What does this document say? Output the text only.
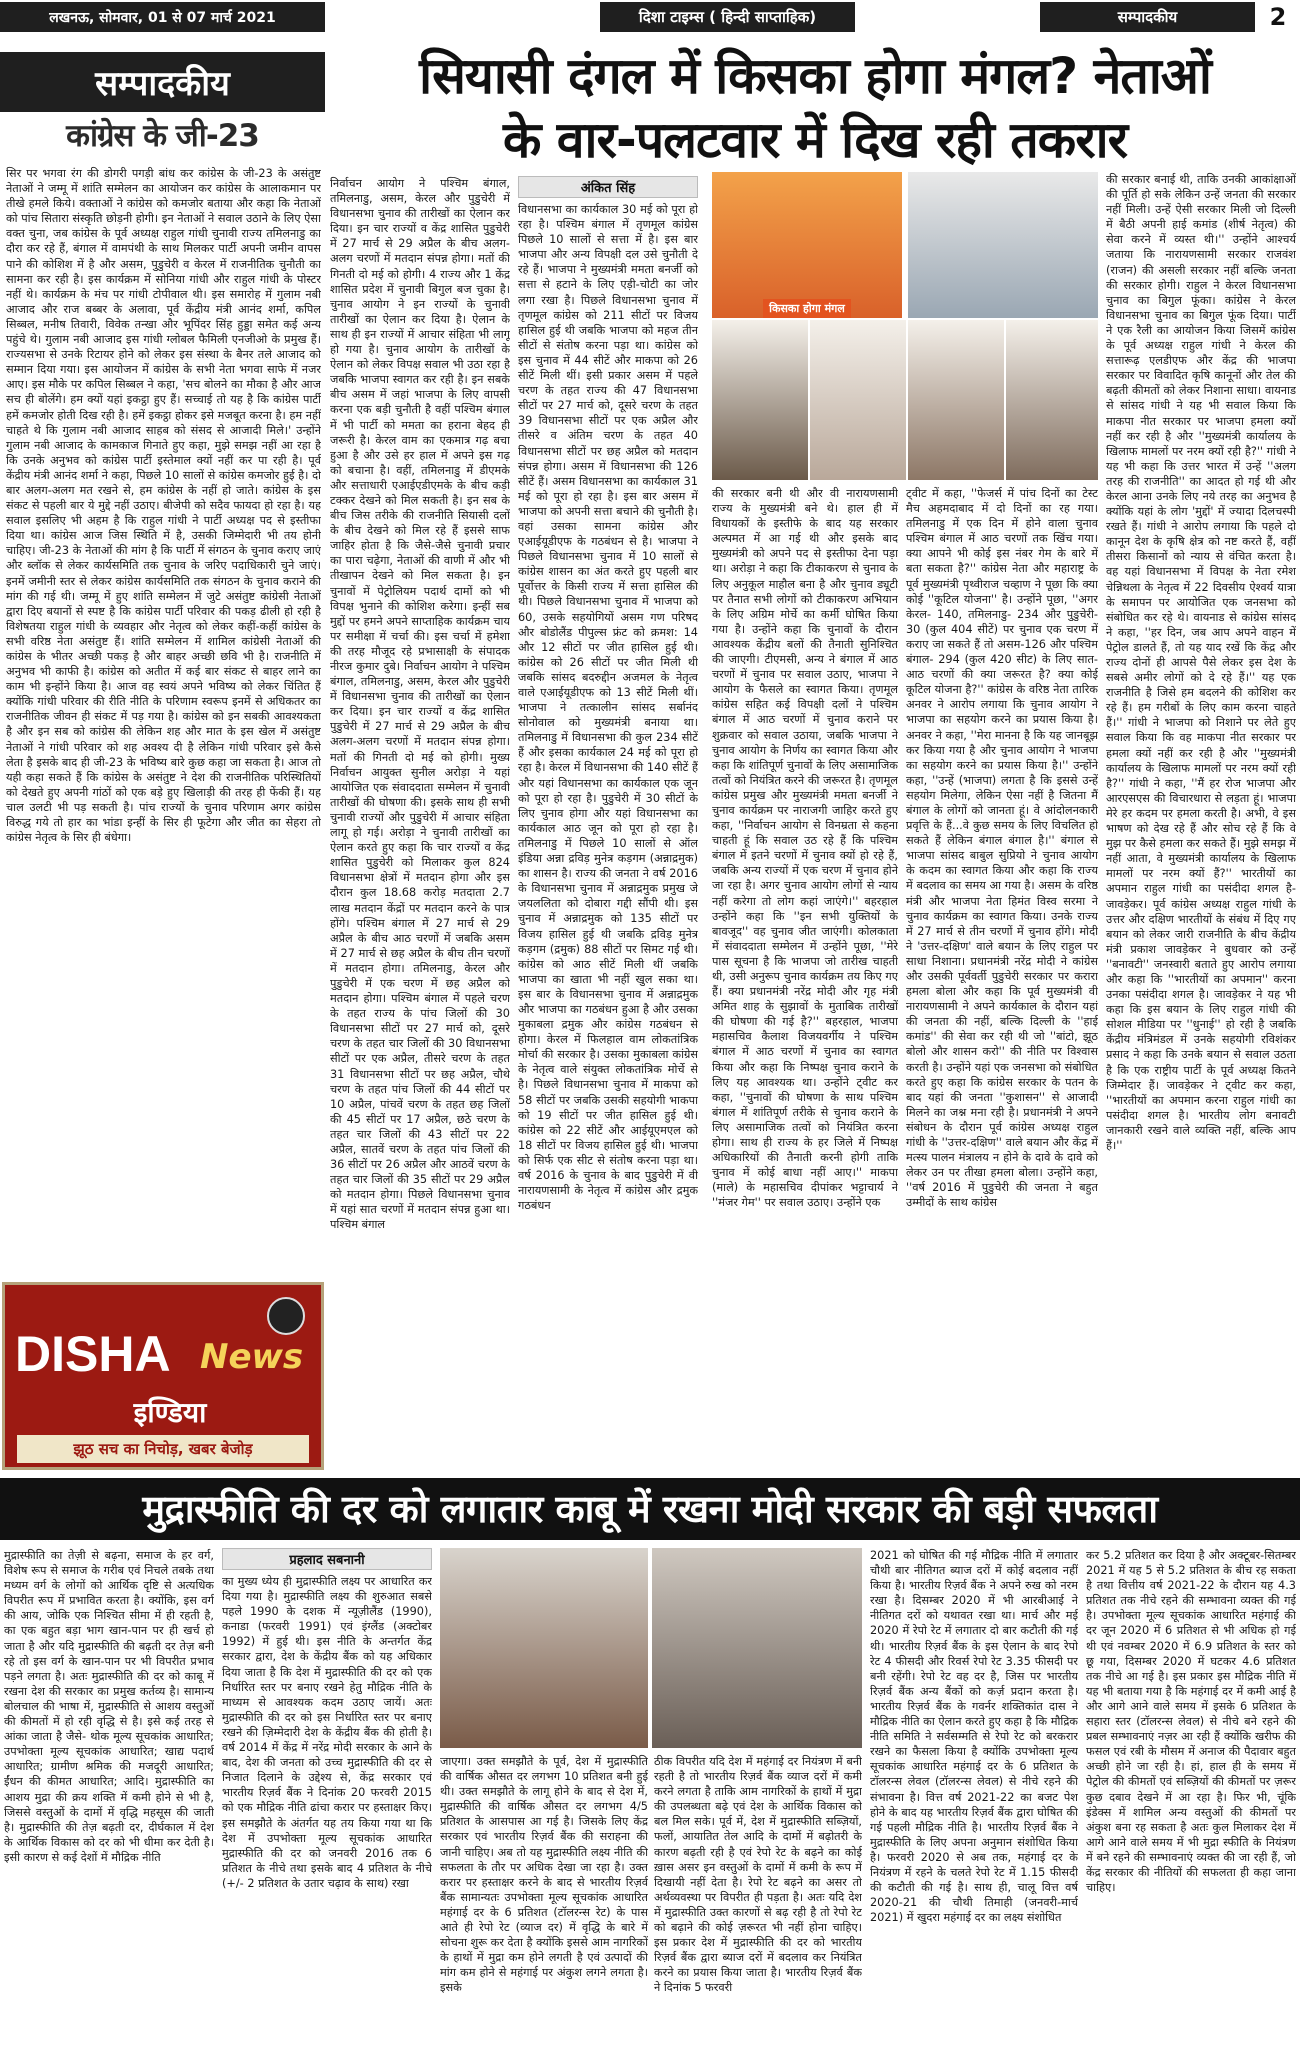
लखनऊ, सोमवार, 01 से 07 मार्च 2021	दिशा टाइम्स ( हिन्दी साप्ताहिक)	सम्पादकीय	2
सम्पादकीय
कांग्रेस के जी-23
सिर पर भगवा रंग की डोगरी पगड़ी बांध कर कांग्रेस के जी-23 के असंतुष्ट नेताओं ने जम्मू में शांति सम्मेलन का आयोजन कर कांग्रेस के आलाकमान पर तीखे हमले किये। वक्ताओं ने कांग्रेस को कमजोर बताया और कहा कि नेताओं को पांच सितारा संस्कृति छोड़नी होगी। इन नेताओं ने सवाल उठाने के लिए ऐसा वक्त चुना, जब कांग्रेस के पूर्व अध्यक्ष राहुल गांधी चुनावी राज्य तमिलनाडु का दौरा कर रहे हैं, बंगाल में वामपंथी के साथ मिलकर पार्टी अपनी जमीन वापस पाने की कोशिश में है और असम, पुडुचेरी व केरल में राजनीतिक चुनौती का सामना कर रही है। इस कार्यक्रम में सोनिया गांधी और राहुल गांधी के पोस्टर नहीं थे। कार्यक्रम के मंच पर गांधी टोपीवाल थी। इस समारोह में गुलाम नबी आजाद और राज बब्बर के अलावा, पूर्व केंद्रीय मंत्री आनंद शर्मा, कपिल सिब्बल, मनीष तिवारी, विवेक तन्खा और भूपिंदर सिंह हुड्डा समेत कई अन्य पहुंचे थे। गुलाम नबी आजाद इस गांधी ग्लोबल फैमिली एनजीओ के प्रमुख हैं। राज्यसभा से उनके रिटायर होने को लेकर इस संस्था के बैनर तले आजाद को सम्मान दिया गया। इस आयोजन में कांग्रेस के सभी नेता भगवा साफे में नजर आए। इस मौके पर कपिल सिब्बल ने कहा, 'सच बोलने का मौका है और आज सच ही बोलेंगे। हम क्यों यहां इकट्ठा हुए हैं। सच्चाई तो यह है कि कांग्रेस पार्टी हमें कमजोर होती दिख रही है। हमें इकट्ठा होकर इसे मजबूत करना है। हम नहीं चाहते थे कि गुलाम नबी आजाद साहब को संसद से आजादी मिले।' उन्होंने गुलाम नबी आजाद के कामकाज गिनाते हुए कहा, मुझे समझ नहीं आ रहा है कि उनके अनुभव को कांग्रेस पार्टी इस्तेमाल क्यों नहीं कर पा रही है। पूर्व केंद्रीय मंत्री आनंद शर्मा ने कहा, पिछले 10 सालों से कांग्रेस कमजोर हुई है। दो बार अलग-अलग मत रखने से, हम कांग्रेस के नहीं हो जाते। कांग्रेस के इस संकट से पहली बार ये मुद्दे नहीं उठाए। बीजेपी को सदैव फायदा हो रहा है। यह सवाल इसलिए भी अहम है कि राहुल गांधी ने पार्टी अध्यक्ष पद से इस्तीफा दिया था। कांग्रेस आज जिस स्थिति में है, उसकी जिम्मेदारी भी तय होनी चाहिए। जी-23 के नेताओं की मांग है कि पार्टी में संगठन के चुनाव कराए जाएं और ब्लॉक से लेकर कार्यसमिति तक चुनाव के जरिए पदाधिकारी चुने जाएं। इनमें जमीनी स्तर से लेकर कांग्रेस कार्यसमिति तक संगठन के चुनाव कराने की मांग की गई थी। जम्मू में हुए शांति सम्मेलन में जुटे असंतुष्ट कांग्रेसी नेताओं द्वारा दिए बयानों से स्पष्ट है कि कांग्रेस पार्टी परिवार की पकड़ ढीली हो रही है विशेषतया राहुल गांधी के व्यवहार और नेतृत्व को लेकर कहीं-कहीं कांग्रेस के सभी वरिष्ठ नेता असंतुष्ट हैं। शांति सम्मेलन में शामिल कांग्रेसी नेताओं की कांग्रेस के भीतर अच्छी पकड़ है और बाहर अच्छी छवि भी है। राजनीति में अनुभव भी काफी है। कांग्रेस को अतीत में कई बार संकट से बाहर लाने का काम भी इन्होंने किया है। आज वह स्वयं अपने भविष्य को लेकर चिंतित हैं क्योंकि गांधी परिवार की रीति नीति के परिणाम स्वरूप इनमें से अधिकतर का राजनीतिक जीवन ही संकट में पड़ गया है। कांग्रेस को इन सबकी आवश्यकता है और इन सब को कांग्रेस की लेकिन शह और मात के इस खेल में असंतुष्ट नेताओं ने गांधी परिवार को शह अवश्य दी है लेकिन गांधी परिवार इसे कैसे लेता है इसके बाद ही जी-23 के भविष्य बारे कुछ कहा जा सकता है। आज तो यही कहा सकते हैं कि कांग्रेस के असंतुष्ट ने देश की राजनीतिक परिस्थितियों को देखते हुए अपनी गांठों को एक बड़े हुए खिलाड़ी की तरह ही फेंकी हैं। यह चाल उलटी भी पड़ सकती है। पांच राज्यों के चुनाव परिणाम अगर कांग्रेस विरुद्ध गये तो हार का भांडा इन्हीं के सिर ही फूटेगा और जीत का सेहरा तो कांग्रेस नेतृत्व के सिर ही बंधेगा।
DISHA News
इण्डिया
झूठ सच का निचोड़, खबर बेजोड़
सियासी दंगल में किसका होगा मंगल? नेताओं
के वार-पलटवार में दिख रही तकरार
निर्वाचन आयोग ने पश्चिम बंगाल, तमिलनाडु, असम, केरल और पुडुचेरी में विधानसभा चुनाव की तारीखों का ऐलान कर दिया। इन चार राज्यों व केंद्र शासित पुडुचेरी में 27 मार्च से 29 अप्रैल के बीच अलग-अलग चरणों में मतदान संपन्न होगा। मतों की गिनती दो मई को होगी। 4 राज्य और 1 केंद्र शासित प्रदेश में चुनावी बिगुल बज चुका है। चुनाव आयोग ने इन राज्यों के चुनावी तारीखों का ऐलान कर दिया है। ऐलान के साथ ही इन राज्यों में आचार संहिता भी लागू हो गया है। चुनाव आयोग के तारीखों के ऐलान को लेकर विपक्ष सवाल भी उठा रहा है जबकि भाजपा स्वागत कर रही है। इन सबके बीच असम में जहां भाजपा के लिए वापसी करना एक बड़ी चुनौती है वहीं पश्चिम बंगाल में भी पार्टी को ममता का हराना बेहद ही जरूरी है। केरल वाम का एकमात्र गढ़ बचा हुआ है और उसे हर हाल में अपने इस गढ़ को बचाना है। वहीं, तमिलनाडु में डीएमके और सत्ताधारी एआईएडीएमके के बीच कड़ी टक्कर देखने को मिल सकती है। इन सब के बीच जिस तरीके की राजनीति सियासी दलों के बीच देखने को मिल रहे हैं इससे साफ जाहिर होता है कि जैसे-जैसे चुनावी प्रचार का पारा चढ़ेगा, नेताओं की वाणी में और भी तीखापन देखने को मिल सकता है। इन चुनावों में पेट्रोलियम पदार्थ दामों को भी विपक्ष भुनाने की कोशिश करेगा। इन्हीं सब मुद्दों पर हमने अपने साप्ताहिक कार्यक्रम चाय पर समीक्षा में चर्चा की। इस चर्चा में हमेशा की तरह मौजूद रहे प्रभासाक्षी के संपादक नीरज कुमार दुबे। निर्वाचन आयोग ने पश्चिम बंगाल, तमिलनाडु, असम, केरल और पुडुचेरी में विधानसभा चुनाव की तारीखों का ऐलान कर दिया। इन चार राज्यों व केंद्र शासित पुडुचेरी में 27 मार्च से 29 अप्रैल के बीच अलग-अलग चरणों में मतदान संपन्न होगा। मतों की गिनती दो मई को होगी। मुख्य निर्वाचन आयुक्त सुनील अरोड़ा ने यहां आयोजित एक संवाददाता सम्मेलन में चुनावी तारीखों की घोषणा की। इसके साथ ही सभी चुनावी राज्यों और पुडुचेरी में आचार संहिता लागू हो गई। अरोड़ा ने चुनावी तारीखों का ऐलान करते हुए कहा कि चार राज्यों व केंद्र शासित पुडुचेरी को मिलाकर कुल 824 विधानसभा क्षेत्रों में मतदान होगा और इस दौरान कुल 18.68 करोड़ मतदाता 2.7 लाख मतदान केंद्रों पर मतदान करने के पात्र होंगे। पश्चिम बंगाल में 27 मार्च से 29 अप्रैल के बीच आठ चरणों में जबकि असम में 27 मार्च से छह अप्रैल के बीच तीन चरणों में मतदान होगा। तमिलनाडु, केरल और पुडुचेरी में एक चरण में छह अप्रैल को मतदान होगा। पश्चिम बंगाल में पहले चरण के तहत राज्य के पांच जिलों की 30 विधानसभा सीटों पर 27 मार्च को, दूसरे चरण के तहत चार जिलों की 30 विधानसभा सीटों पर एक अप्रैल, तीसरे चरण के तहत 31 विधानसभा सीटों पर छह अप्रैल, चौथे चरण के तहत पांच जिलों की 44 सीटों पर 10 अप्रैल, पांचवें चरण के तहत छह जिलों की 45 सीटों पर 17 अप्रैल, छठे चरण के तहत चार जिलों की 43 सीटों पर 22 अप्रैल, सातवें चरण के तहत पांच जिलों की 36 सीटों पर 26 अप्रैल और आठवें चरण के तहत चार जिलों की 35 सीटों पर 29 अप्रैल को मतदान होगा। पिछले विधानसभा चुनाव में यहां सात चरणों में मतदान संपन्न हुआ था। पश्चिम बंगाल
अंकित सिंह
विधानसभा का कार्यकाल 30 मई को पूरा हो रहा है। पश्चिम बंगाल में तृणमूल कांग्रेस पिछले 10 सालों से सत्ता में है। इस बार भाजपा और अन्य विपक्षी दल उसे चुनौती दे रहे हैं। भाजपा ने मुख्यमंत्री ममता बनर्जी को सत्ता से हटाने के लिए एड़ी-चोटी का जोर लगा रखा है। पिछले विधानसभा चुनाव में तृणमूल कांग्रेस को 211 सीटों पर विजय हासिल हुई थी जबकि भाजपा को महज तीन सीटों से संतोष करना पड़ा था। कांग्रेस को इस चुनाव में 44 सीटें और माकपा को 26 सीटें मिली थीं। इसी प्रकार असम में पहले चरण के तहत राज्य की 47 विधानसभा सीटों पर 27 मार्च को, दूसरे चरण के तहत 39 विधानसभा सीटों पर एक अप्रैल और तीसरे व अंतिम चरण के तहत 40 विधानसभा सीटों पर छह अप्रैल को मतदान संपन्न होगा। असम में विधानसभा की 126 सीटें हैं। असम विधानसभा का कार्यकाल 31 मई को पूरा हो रहा है। इस बार असम में भाजपा को अपनी सत्ता बचाने की चुनौती है। वहां उसका सामना कांग्रेस और एआईयूडीएफ के गठबंधन से है। भाजपा ने पिछले विधानसभा चुनाव में 10 सालों से कांग्रेस शासन का अंत करते हुए पहली बार पूर्वोत्तर के किसी राज्य में सत्ता हासिल की थी। पिछले विधानसभा चुनाव में भाजपा को 60, उसके सहयोगियों असम गण परिषद और बोडोलैंड पीपुल्स फ्रंट को क्रमश: 14 और 12 सीटों पर जीत हासिल हुई थी। कांग्रेस को 26 सीटों पर जीत मिली थी जबकि सांसद बदरुद्दीन अजमल के नेतृत्व वाले एआईयूडीएफ को 13 सीटें मिली थीं। भाजपा ने तत्कालीन सांसद सर्बानंद सोनोवाल को मुख्यमंत्री बनाया था। तमिलनाडु में विधानसभा की कुल 234 सीटें हैं और इसका कार्यकाल 24 मई को पूरा हो रहा है। केरल में विधानसभा की 140 सीटें हैं और यहां विधानसभा का कार्यकाल एक जून को पूरा हो रहा है। पुडुचेरी में 30 सीटों के लिए चुनाव होगा और यहां विधानसभा का कार्यकाल आठ जून को पूरा हो रहा है। तमिलनाडु में पिछले 10 सालों से ऑल इंडिया अन्ना द्रविड़ मुनेत्र कड़गम (अन्नाद्रमुक) का शासन है। राज्य की जनता ने वर्ष 2016 के विधानसभा चुनाव में अन्नाद्रमुक प्रमुख जे जयललिता को दोबारा गद्दी सौंपी थी। इस चुनाव में अन्नाद्रमुक को 135 सीटों पर विजय हासिल हुई थी जबकि द्रविड़ मुनेत्र कड़गम (द्रमुक) 88 सीटों पर सिमट गई थी। कांग्रेस को आठ सीटें मिली थीं जबकि भाजपा का खाता भी नहीं खुल सका था। इस बार के विधानसभा चुनाव में अन्नाद्रमुक और भाजपा का गठबंधन हुआ है और उसका मुकाबला द्रमुक और कांग्रेस गठबंधन से होगा। केरल में फिलहाल वाम लोकतांत्रिक मोर्चा की सरकार है। उसका मुकाबला कांग्रेस के नेतृत्व वाले संयुक्त लोकतांत्रिक मोर्चे से है। पिछले विधानसभा चुनाव में माकपा को 58 सीटों पर जबकि उसकी सहयोगी भाकपा को 19 सीटों पर जीत हासिल हुई थी। कांग्रेस को 22 सीटें और आईयूएमएल को 18 सीटों पर विजय हासिल हुई थी। भाजपा को सिर्फ एक सीट से संतोष करना पड़ा था। वर्ष 2016 के चुनाव के बाद पुडुचेरी में वी नारायणसामी के नेतृत्व में कांग्रेस और द्रमुक गठबंधन
किसका होगा मंगल
की सरकार बनी थी और वी नारायणसामी राज्य के मुख्यमंत्री बने थे। हाल ही में विधायकों के इस्तीफे के बाद यह सरकार अल्पमत में आ गई थी और इसके बाद मुख्यमंत्री को अपने पद से इस्तीफा देना पड़ा था। अरोड़ा ने कहा कि टीकाकरण से चुनाव के लिए अनुकूल माहौल बना है और चुनाव ड्यूटी पर तैनात सभी लोगों को टीकाकरण अभियान के लिए अग्रिम मोर्चे का कर्मी घोषित किया गया है। उन्होंने कहा कि चुनावों के दौरान आवश्यक केंद्रीय बलों की तैनाती सुनिश्चित की जाएगी। टीएमसी, अन्य ने बंगाल में आठ चरणों में चुनाव पर सवाल उठाए, भाजपा ने आयोग के फैसले का स्वागत किया। तृणमूल कांग्रेस सहित कई विपक्षी दलों ने पश्चिम बंगाल में आठ चरणों में चुनाव कराने पर शुक्रवार को सवाल उठाया, जबकि भाजपा ने चुनाव आयोग के निर्णय का स्वागत किया और कहा कि शांतिपूर्ण चुनावों के लिए असामाजिक तत्वों को नियंत्रित करने की जरूरत है। तृणमूल कांग्रेस प्रमुख और मुख्यमंत्री ममता बनर्जी ने चुनाव कार्यक्रम पर नाराजगी जाहिर करते हुए कहा, ''निर्वाचन आयोग से विनम्रता से कहना चाहती हूं कि सवाल उठ रहे हैं कि पश्चिम बंगाल में इतने चरणों में चुनाव क्यों हो रहे हैं, जबकि अन्य राज्यों में एक चरण में चुनाव होने जा रहा है। अगर चुनाव आयोग लोगों से न्याय नहीं करेगा तो लोग कहां जाएंगे।'' बहरहाल उन्होंने कहा कि ''इन सभी युक्तियों के बावजूद'' वह चुनाव जीत जाएंगी। कोलकाता में संवाददाता सम्मेलन में उन्होंने पूछा, ''मेरे पास सूचना है कि भाजपा जो तारीख चाहती थी, उसी अनुरूप चुनाव कार्यक्रम तय किए गए हैं। क्या प्रधानमंत्री नरेंद्र मोदी और गृह मंत्री अमित शाह के सुझावों के मुताबिक तारीखों की घोषणा की गई है?'' बहरहाल, भाजपा महासचिव कैलाश विजयवर्गीय ने पश्चिम बंगाल में आठ चरणों में चुनाव का स्वागत किया और कहा कि निष्पक्ष चुनाव कराने के लिए यह आवश्यक था। उन्होंने ट्वीट कर कहा, ''चुनावों की घोषणा के साथ पश्चिम बंगाल में शांतिपूर्ण तरीके से चुनाव कराने के लिए असामाजिक तत्वों को नियंत्रित करना होगा। साथ ही राज्य के हर जिले में निष्पक्ष अधिकारियों की तैनाती करनी होगी ताकि चुनाव में कोई बाधा नहीं आए।'' माकपा (माले) के महासचिव दीपांकर भट्टाचार्य ने ''मंजर गेम'' पर सवाल उठाए। उन्होंने एक
ट्वीट में कहा, ''फेजर्स में पांच दिनों का टेस्ट मैच अहमदाबाद में दो दिनों का रह गया। तमिलनाडु में एक दिन में होने वाला चुनाव पश्चिम बंगाल में आठ चरणों तक खिंच गया। क्या आपने भी कोई इस नंबर गेम के बारे में बता सकता है?'' कांग्रेस नेता और महाराष्ट्र के पूर्व मुख्यमंत्री पृथ्वीराज चव्हाण ने पूछा कि क्या कोई ''कूटिल योजना'' है। उन्होंने पूछा, ''अगर केरल- 140, तमिलनाडु- 234 और पुडुचेरी- 30 (कुल 404 सीटें) पर चुनाव एक चरण में कराए जा सकते हैं तो असम-126 और पश्चिम बंगाल- 294 (कुल 420 सीट) के लिए सात-आठ चरणों की क्या जरूरत है? क्या कोई कूटिल योजना है?'' कांग्रेस के वरिष्ठ नेता तारिक अनवर ने आरोप लगाया कि चुनाव आयोग ने भाजपा का सहयोग करने का प्रयास किया है। अनवर ने कहा, ''मेरा मानना है कि यह जानबूझ कर किया गया है और चुनाव आयोग ने भाजपा का सहयोग करने का प्रयास किया है।'' उन्होंने कहा, ''उन्हें (भाजपा) लगता है कि इससे उन्हें सहयोग मिलेगा, लेकिन ऐसा नहीं है जितना मैं बंगाल के लोगों को जानता हूं। वे आंदोलनकारी प्रवृत्ति के हैं...वे कुछ समय के लिए विचलित हो सकते हैं लेकिन बंगाल बंगाल है।'' बंगाल से भाजपा सांसद बाबुल सुप्रियो ने चुनाव आयोग के कदम का स्वागत किया और कहा कि राज्य में बदलाव का समय आ गया है। असम के वरिष्ठ मंत्री और भाजपा नेता हिमंत विस्व सरमा ने चुनाव कार्यक्रम का स्वागत किया। उनके राज्य में 27 मार्च से तीन चरणों में चुनाव होंगे। मोदी ने 'उत्तर-दक्षिण' वाले बयान के लिए राहुल पर साधा निशाना। प्रधानमंत्री नरेंद्र मोदी ने कांग्रेस और उसकी पूर्ववर्ती पुडुचेरी सरकार पर करारा हमला बोला और कहा कि पूर्व मुख्यमंत्री वी नारायणसामी ने अपने कार्यकाल के दौरान यहां की जनता की नहीं, बल्कि दिल्ली के ''हाई कमांड'' की सेवा कर रही थी जो ''बांटो, झूठ बोलो और शासन करो'' की नीति पर विश्वास करती है। उन्होंने यहां एक जनसभा को संबोधित करते हुए कहा कि कांग्रेस सरकार के पतन के बाद यहां की जनता ''कुशासन'' से आजादी मिलने का जश्न मना रही है। प्रधानमंत्री ने अपने संबोधन के दौरान पूर्व कांग्रेस अध्यक्ष राहुल गांधी के ''उत्तर-दक्षिण'' वाले बयान और केंद्र में मत्स्य पालन मंत्रालय न होने के दावे के दावे को लेकर उन पर तीखा हमला बोला। उन्होंने कहा, ''वर्ष 2016 में पुडुचेरी की जनता ने बहुत उम्मीदों के साथ कांग्रेस
की सरकार बनाई थी, ताकि उनकी आकांक्षाओं की पूर्ति हो सके लेकिन उन्हें जनता की सरकार नहीं मिली। उन्हें ऐसी सरकार मिली जो दिल्ली में बैठी अपनी हाई कमांड (शीर्ष नेतृत्व) की सेवा करने में व्यस्त थी।'' उन्होंने आश्चर्य जताया कि नारायणसामी सरकार राजवंश (राजन) की असली सरकार नहीं बल्कि जनता की सरकार होगी। राहुल ने केरल विधानसभा चुनाव का बिगुल फूंका। कांग्रेस ने केरल विधानसभा चुनाव का बिगुल फूंक दिया। पार्टी ने एक रैली का आयोजन किया जिसमें कांग्रेस के पूर्व अध्यक्ष राहुल गांधी ने केरल की सत्तारूढ़ एलडीएफ और केंद्र की भाजपा सरकार पर विवादित कृषि कानूनों और तेल की बढ़ती कीमतों को लेकर निशाना साधा। वायनाड से सांसद गांधी ने यह भी सवाल किया कि माकपा नीत सरकार पर भाजपा हमला क्यों नहीं कर रही है और ''मुख्यमंत्री कार्यालय के खिलाफ मामलों पर नरम क्यों रही है?'' गांधी ने यह भी कहा कि उत्तर भारत में उन्हें ''अलग तरह की राजनीति'' का आदत हो गई थी और केरल आना उनके लिए नये तरह का अनुभव है क्योंकि यहां के लोग 'मुद्दों' में ज्यादा दिलचस्पी रखते हैं। गांधी ने आरोप लगाया कि पहले दो कानून देश के कृषि क्षेत्र को नष्ट करते हैं, वहीं तीसरा किसानों को न्याय से वंचित करता है। वह यहां विधानसभा में विपक्ष के नेता रमेश चेन्निथला के नेतृत्व में 22 दिवसीय ऐश्वर्य यात्रा के समापन पर आयोजित एक जनसभा को संबोधित कर रहे थे। वायनाड से कांग्रेस सांसद ने कहा, ''हर दिन, जब आप अपने वाहन में पेट्रोल डालते हैं, तो यह याद रखें कि केंद्र और राज्य दोनों ही आपसे पैसे लेकर इस देश के सबसे अमीर लोगों को दे रहे हैं।'' यह एक राजनीति है जिसे हम बदलने की कोशिश कर रहे हैं। हम गरीबों के लिए काम करना चाहते हैं।'' गांधी ने भाजपा को निशाने पर लेते हुए सवाल किया कि वह माकपा नीत सरकार पर हमला क्यों नहीं कर रही है और ''मुख्यमंत्री कार्यालय के खिलाफ मामलों पर नरम क्यों रही है?'' गांधी ने कहा, ''मैं हर रोज भाजपा और आरएसएस की विचारधारा से लड़ता हूं। भाजपा मेरे हर कदम पर हमला करती है। अभी, वे इस भाषण को देख रहे हैं और सोच रहे हैं कि वे मुझ पर कैसे हमला कर सकते हैं। मुझे समझ में नहीं आता, वे मुख्यमंत्री कार्यालय के खिलाफ मामलों पर नरम क्यों हैं?'' भारतीयों का अपमान राहुल गांधी का पसंदीदा शगल है- जावड़ेकर। पूर्व कांग्रेस अध्यक्ष राहुल गांधी के उत्तर और दक्षिण भारतीयों के संबंध में दिए गए बयान को लेकर जारी राजनीति के बीच केंद्रीय मंत्री प्रकाश जावड़ेकर ने बुधवार को उन्हें ''बनावटी'' जनस्वारी बताते हुए आरोप लगाया और कहा कि ''भारतीयों का अपमान'' करना उनका पसंदीदा शगल है। जावड़ेकर ने यह भी कहा कि इस बयान के लिए राहुल गांधी की सोशल मीडिया पर ''धुनाई'' हो रही है जबकि केंद्रीय मंत्रिमंडल में उनके सहयोगी रविशंकर प्रसाद ने कहा कि उनके बयान से सवाल उठता है कि एक राष्ट्रीय पार्टी के पूर्व अध्यक्ष कितने जिम्मेदार हैं। जावड़ेकर ने ट्वीट कर कहा, ''भारतीयों का अपमान करना राहुल गांधी का पसंदीदा शगल है। भारतीय लोग बनावटी जानकारी रखने वाले व्यक्ति नहीं, बल्कि आप हैं।''
मुद्रास्फीति की दर को लगातार काबू में रखना मोदी सरकार की बड़ी सफलता
मुद्रास्फीति का तेज़ी से बढ़ना, समाज के हर वर्ग, विशेष रूप से समाज के गरीब एवं निचले तबके तथा मध्यम वर्ग के लोगों को आर्थिक दृष्टि से अत्यधिक विपरीत रूप में प्रभावित करता है। क्योंकि, इस वर्ग की आय, जोकि एक निश्चित सीमा में ही रहती है, का एक बहुत बड़ा भाग खान-पान पर ही खर्च हो जाता है और यदि मुद्रास्फीति की बढ़ती दर तेज़ बनी रहे तो इस वर्ग के खान-पान पर भी विपरीत प्रभाव पड़ने लगता है। अतः मुद्रास्फीति की दर को काबू में रखना देश की सरकार का प्रमुख कर्तव्य है। सामान्य बोलचाल की भाषा में, मुद्रास्फीति से आशय वस्तुओं की कीमतों में हो रही वृद्धि से है। इसे कई तरह से आंका जाता है जैसे- थोक मूल्य सूचकांक आधारित; उपभोक्ता मूल्य सूचकांक आधारित; खाद्य पदार्थ आधारित; ग्रामीण श्रमिक की मजदूरी आधारित; ईंधन की कीमत आधारित; आदि। मुद्रास्फीति का आशय मुद्रा की क्रय शक्ति में कमी होने से भी है, जिससे वस्तुओं के दामों में वृद्धि महसूस की जाती है। मुद्रास्फीति की तेज़ बढ़ती दर, दीर्घकाल में देश के आर्थिक विकास को दर को भी धीमा कर देती है। इसी कारण से कई देशों में मौद्रिक नीति
प्रहलाद सबनानी
का मुख्य ध्येय ही मुद्रास्फीति लक्ष्य पर आधारित कर दिया गया है। मुद्रास्फीति लक्ष्य की शुरुआत सबसे पहले 1990 के दशक में न्यूज़ीलैंड (1990), कनाडा (फरवरी 1991) एवं इंग्लैंड (अक्टोबर 1992) में हुई थी। इस नीति के अन्तर्गत केंद्र सरकार द्वारा, देश के केंद्रीय बैंक को यह अधिकार दिया जाता है कि देश में मुद्रास्फीति की दर को एक निर्धारित स्तर पर बनाए रखने हेतु मौद्रिक नीति के माध्यम से आवश्यक कदम उठाए जायें। अतः मुद्रास्फीति की दर को इस निर्धारित स्तर पर बनाए रखने की ज़िम्मेदारी देश के केंद्रीय बैंक की होती है। वर्ष 2014 में केंद्र में नरेंद्र मोदी सरकार के आने के बाद, देश की जनता को उच्च मुद्रास्फीति की दर से निजात दिलाने के उद्देश्य से, केंद्र सरकार एवं भारतीय रिज़र्व बैंक ने दिनांक 20 फरवरी 2015 को एक मौद्रिक नीति ढांचा करार पर हस्ताक्षर किए। इस समझौते के अंतर्गत यह तय किया गया था कि देश में उपभोक्ता मूल्य सूचकांक आधारित मुद्रास्फीति की दर को जनवरी 2016 तक 6 प्रतिशत के नीचे तथा इसके बाद 4 प्रतिशत के नीचे (+/- 2 प्रतिशत के उतार चढ़ाव के साथ) रखा
जाएगा। उक्त समझौते के पूर्व, देश में मुद्रास्फीति की वार्षिक औसत दर लगभग 10 प्रतिशत बनी हुई थी। उक्त समझौते के लागू होने के बाद से देश में, मुद्रास्फीति की वार्षिक औसत दर लगभग 4/5 प्रतिशत के आसपास आ गई है। जिसके लिए केंद्र सरकार एवं भारतीय रिज़र्व बैंक की सराहना की जानी चाहिए। अब तो यह मुद्रास्फीति लक्ष्य नीति की सफलता के तौर पर अधिक देखा जा रहा है। उक्त करार पर हस्ताक्षर करने के बाद से भारतीय रिज़र्व बैंक सामान्यतः उपभोक्ता मूल्य सूचकांक आधारित महंगाई दर के 6 प्रतिशत (टॉलरन्स रेट) के पास आते ही रेपो रेट (व्याज दर) में वृद्धि के बारे में सोचना शुरू कर देता है क्योंकि इससे आम नागरिकों के हाथों में मुद्रा कम होने लगती है एवं उत्पादों की मांग कम होने से महंगाई पर अंकुश लगने लगता है। इसके
ठीक विपरीत यदि देश में महंगाई दर नियंत्रण में बनी रहती है तो भारतीय रिज़र्व बैंक व्याज दरों में कमी करने लगता है ताकि आम नागरिकों के हाथों में मुद्रा की उपलब्धता बढ़े एवं देश के आर्थिक विकास को बल मिल सके। पूर्व में, देश में मुद्रास्फीति सब्ज़ियों, फलों, आयातित तेल आदि के दामों में बढ़ोतरी के कारण बढ़ती रही है एवं रेपो रेट के बढ़ने का कोई ख़ास असर इन वस्तुओं के दामों में कमी के रूप में दिखायी नहीं देता है। रेपो रेट बढ़ने का असर तो अर्थव्यवस्था पर विपरीत ही पड़ता है। अतः यदि देश में मुद्रास्फीति उक्त कारणों से बढ़ रही है तो रेपो रेट को बढ़ाने की कोई ज़रूरत भी नहीं होना चाहिए। इस प्रकार देश में मुद्रास्फीति की दर को भारतीय रिज़र्व बैंक द्वारा ब्याज दरों में बदलाव कर नियंत्रित करने का प्रयास किया जाता है। भारतीय रिज़र्व बैंक ने दिनांक 5 फरवरी
2021 को घोषित की गई मौद्रिक नीति में लगातार चौथी बार नीतिगत ब्याज दरों में कोई बदलाव नहीं किया है। भारतीय रिज़र्व बैंक ने अपने रुख को नरम रखा है। दिसम्बर 2020 में भी आरबीआई ने नीतिगत दरों को यथावत रखा था। मार्च और मई 2020 में रेपो रेट में लगातार दो बार कटौती की गई थी। भारतीय रिज़र्व बैंक के इस ऐलान के बाद रेपो रेट 4 फीसदी और रिवर्स रेपो रेट 3.35 फीसदी पर बनी रहेंगी। रेपो रेट वह दर है, जिस पर भारतीय रिज़र्व बैंक अन्य बैंकों को कर्ज़ प्रदान करता है। भारतीय रिज़र्व बैंक के गवर्नर शक्तिकांत दास ने मौद्रिक नीति का ऐलान करते हुए कहा है कि मौद्रिक नीति समिति ने सर्वसम्मति से रेपो रेट को बरकरार रखने का फैसला किया है क्योंकि उपभोक्ता मूल्य सूचकांक आधारित महंगाई दर के 6 प्रतिशत के टॉलरन्स लेवल (टॉलरन्स लेवल) से नीचे रहने की संभावना है। वित्त वर्ष 2021-22 का बजट पेश होने के बाद यह भारतीय रिज़र्व बैंक द्वारा घोषित की गई पहली मौद्रिक नीति है। भारतीय रिज़र्व बैंक ने मुद्रास्फीति के लिए अपना अनुमान संशोधित किया है। फरवरी 2020 से अब तक, महंगाई दर के नियंत्रण में रहने के चलते रेपो रेट में 1.15 फीसदी की कटौती की गई है। साथ ही, चालू वित्त वर्ष 2020-21 की चौथी तिमाही (जनवरी-मार्च 2021) में खुदरा महंगाई दर का लक्ष्य संशोधित
कर 5.2 प्रतिशत कर दिया है और अक्टूबर-सितम्बर 2021 में यह 5 से 5.2 प्रतिशत के बीच रह सकता है तथा वित्तीय वर्ष 2021-22 के दौरान यह 4.3 प्रतिशत तक नीचे रहने की सम्भावना व्यक्त की गई है। उपभोक्ता मूल्य सूचकांक आधारित महंगाई की दर जून 2020 में 6 प्रतिशत से भी अधिक हो गई थी एवं नवम्बर 2020 में 6.9 प्रतिशत के स्तर को छू गया, दिसम्बर 2020 में घटकर 4.6 प्रतिशत तक नीचे आ गई है। इस प्रकार इस मौद्रिक नीति में यह भी बताया गया है कि महंगाई दर में कमी आई है और आगे आने वाले समय में इसके 6 प्रतिशत के सहारा स्तर (टॉलरन्स लेवल) से नीचे बने रहने की प्रबल सम्भावनाएं नज़र आ रही हैं क्योंकि खरीफ की फसल एवं रबी के मौसम में अनाज की पैदावार बहुत अच्छी होने जा रही है। हां, हाल ही के समय में पेट्रोल की कीमतों एवं सब्ज़ियों की कीमतों पर ज़रूर कुछ दबाव देखने में आ रहा है। फिर भी, चूंकि इंडेक्स में शामिल अन्य वस्तुओं की कीमतों पर अंकुश बना रह सकता है अतः कुल मिलाकर देश में आगे आने वाले समय में भी मुद्रा स्फीति के नियंत्रण में बने रहने की सम्भावनाएं व्यक्त की जा रही हैं, जो केंद्र सरकार की नीतियों की सफलता ही कहा जाना चाहिए।
